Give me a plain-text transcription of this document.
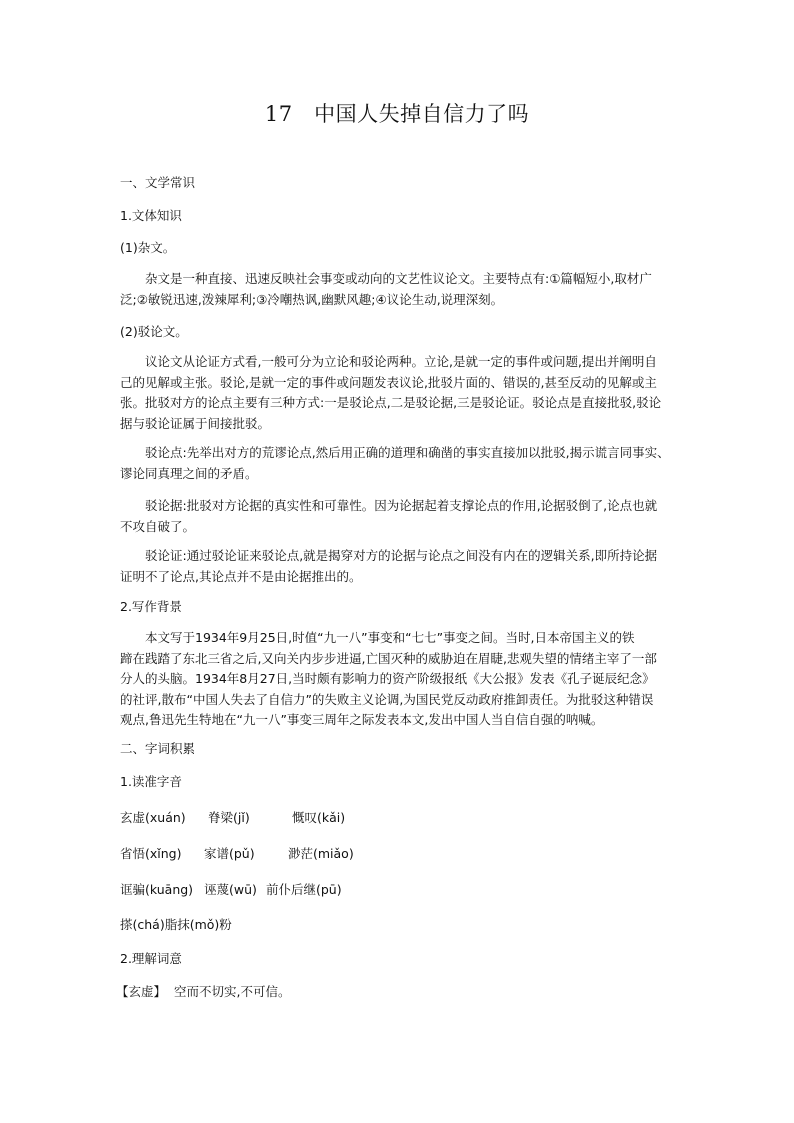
17　中国人失掉自信力了吗
一、文学常识
1.文体知识
(1)杂文。
杂文是一种直接、迅速反映社会事变或动向的文艺性议论文。主要特点有:①篇幅短小,取材广
泛;②敏锐迅速,泼辣犀利;③冷嘲热讽,幽默风趣;④议论生动,说理深刻。
(2)驳论文。
议论文从论证方式看,一般可分为立论和驳论两种。立论,是就一定的事件或问题,提出并阐明自
己的见解或主张。驳论,是就一定的事件或问题发表议论,批驳片面的、错误的,甚至反动的见解或主
张。批驳对方的论点主要有三种方式:一是驳论点,二是驳论据,三是驳论证。驳论点是直接批驳,驳论
据与驳论证属于间接批驳。
驳论点:先举出对方的荒谬论点,然后用正确的道理和确凿的事实直接加以批驳,揭示谎言同事实、
谬论同真理之间的矛盾。
驳论据:批驳对方论据的真实性和可靠性。因为论据起着支撑论点的作用,论据驳倒了,论点也就
不攻自破了。
驳论证:通过驳论证来驳论点,就是揭穿对方的论据与论点之间没有内在的逻辑关系,即所持论据
证明不了论点,其论点并不是由论据推出的。
2.写作背景
本文写于1934年9月25日,时值“九一八”事变和“七七”事变之间。当时,日本帝国主义的铁
蹄在践踏了东北三省之后,又向关内步步进逼,亡国灭种的威胁迫在眉睫,悲观失望的情绪主宰了一部
分人的头脑。1934年8月27日,当时颇有影响力的资产阶级报纸《大公报》发表《孔子诞辰纪念》
的社评,散布“中国人失去了自信力”的失败主义论调,为国民党反动政府推卸责任。为批驳这种错误
观点,鲁迅先生特地在“九一八”事变三周年之际发表本文,发出中国人当自信自强的呐喊。
二、字词积累
1.读准字音
玄虚(xuán) 脊梁(jǐ)	慨叹(kǎi)
省悟(xǐng) 家谱(pǔ)	渺茫(miǎo)
诓骗(kuāng) 诬蔑(wū) 前仆后继(pū)
搽(chá)脂抹(mǒ)粉
2.理解词意
【玄虚】 空而不切实,不可信。
